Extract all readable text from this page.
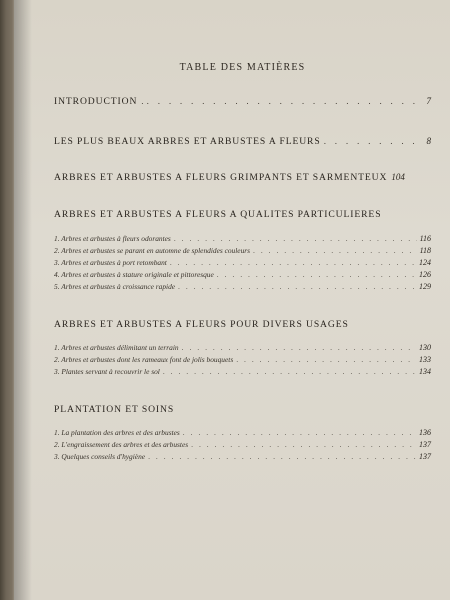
TABLE DES MATIÈRES
INTRODUCTION . . . .	7
LES PLUS BEAUX ARBRES ET ARBUSTES A FLEURS . . .	8
ARBRES ET ARBUSTES A FLEURS GRIMPANTS ET SARMENTEUX 104
ARBRES ET ARBUSTES A FLEURS A QUALITES PARTICULIERES
1. Arbres et arbustes à fleurs odorantes . . .	116
2. Arbres et arbustes se parant en automne de splendides couleurs . . .	118
3. Arbres et arbustes à port retombant . . .	124
4. Arbres et arbustes à stature originale et pittoresque . . .	126
5. Arbres et arbustes à croissance rapide . . .	129
ARBRES ET ARBUSTES A FLEURS POUR DIVERS USAGES
1. Arbres et arbustes délimitant un terrain . . .	130
2. Arbres et arbustes dont les rameaux font de jolis bouquets . . .	133
3. Plantes servant à recouvrir le sol . . .	134
PLANTATION ET SOINS
1. La plantation des arbres et des arbustes . . .	136
2. L'engraissement des arbres et des arbustes . . .	137
3. Quelques conseils d'hygiène . . .	137
